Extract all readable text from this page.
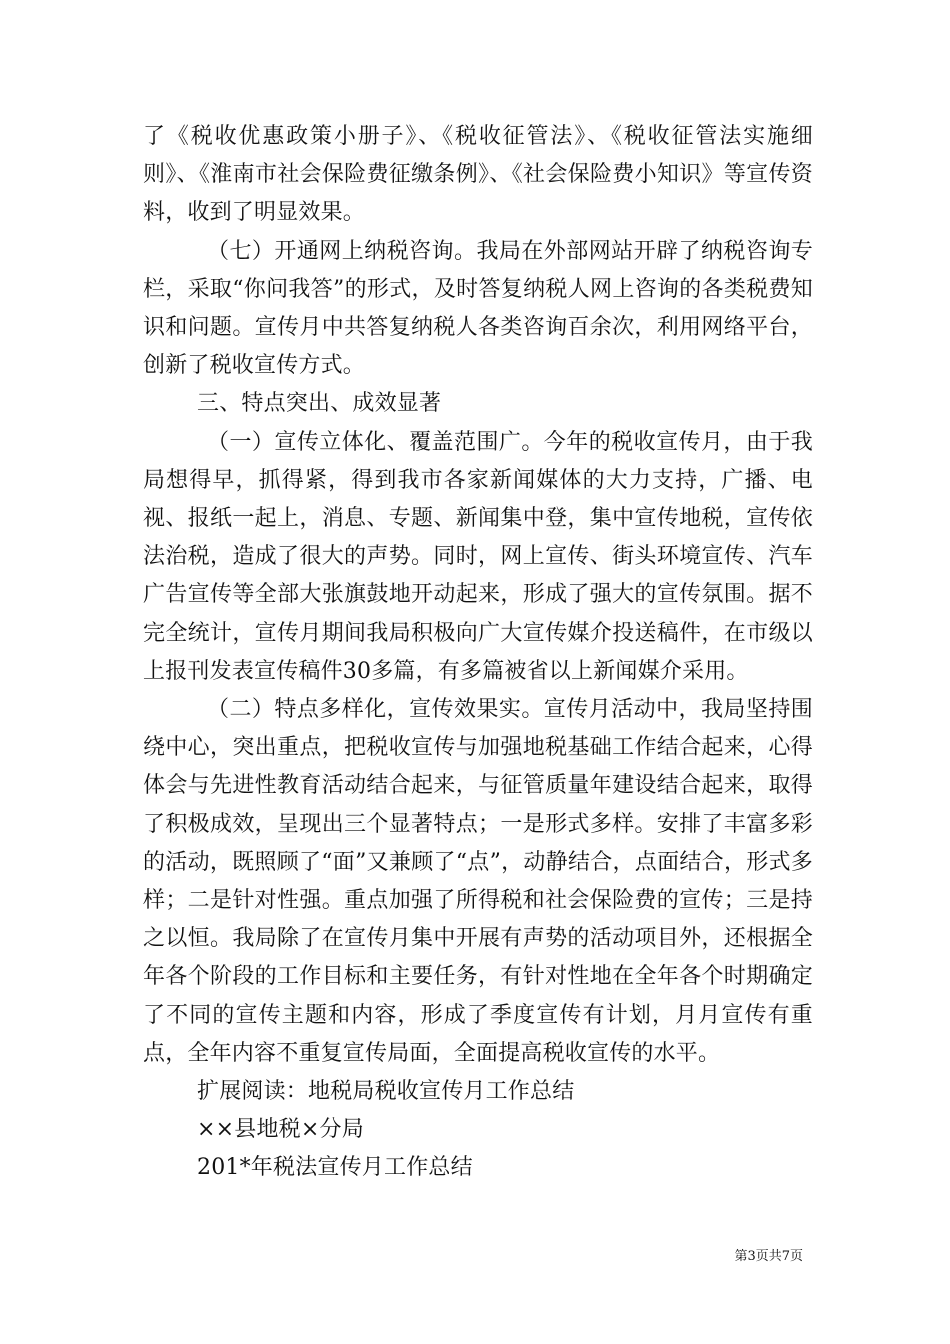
了《税收优惠政策小册子》、《税收征管法》、《税收征管法实施细则》、《淮南市社会保险费征缴条例》、《社会保险费小知识》等宣传资料，收到了明显效果。

（七）开通网上纳税咨询。我局在外部网站开辟了纳税咨询专栏，采取“你问我答”的形式，及时答复纳税人网上咨询的各类税费知识和问题。宣传月中共答复纳税人各类咨询百余次，利用网络平台，创新了税收宣传方式。

三、特点突出、成效显著

（一）宣传立体化、覆盖范围广。今年的税收宣传月，由于我局想得早，抓得紧，得到我市各家新闻媒体的大力支持，广播、电视、报纸一起上，消息、专题、新闻集中登，集中宣传地税，宣传依法治税，造成了很大的声势。同时，网上宣传、街头环境宣传、汽车广告宣传等全部大张旗鼓地开动起来，形成了强大的宣传氛围。据不完全统计，宣传月期间我局积极向广大宣传媒介投送稿件，在市级以上报刊发表宣传稿件30多篇，有多篇被省以上新闻媒介采用。

（二）特点多样化，宣传效果实。宣传月活动中，我局坚持围绕中心，突出重点，把税收宣传与加强地税基础工作结合起来，心得体会与先进性教育活动结合起来，与征管质量年建设结合起来，取得了积极成效，呈现出三个显著特点；一是形式多样。安排了丰富多彩的活动，既照顾了“面”又兼顾了“点”，动静结合，点面结合，形式多样；二是针对性强。重点加强了所得税和社会保险费的宣传；三是持之以恒。我局除了在宣传月集中开展有声势的活动项目外，还根据全年各个阶段的工作目标和主要任务，有针对性地在全年各个时期确定了不同的宣传主题和内容，形成了季度宣传有计划，月月宣传有重点，全年内容不重复宣传局面，全面提高税收宣传的水平。

扩展阅读：地税局税收宣传月工作总结

××县地税×分局

201*年税法宣传月工作总结

第3页共7页
